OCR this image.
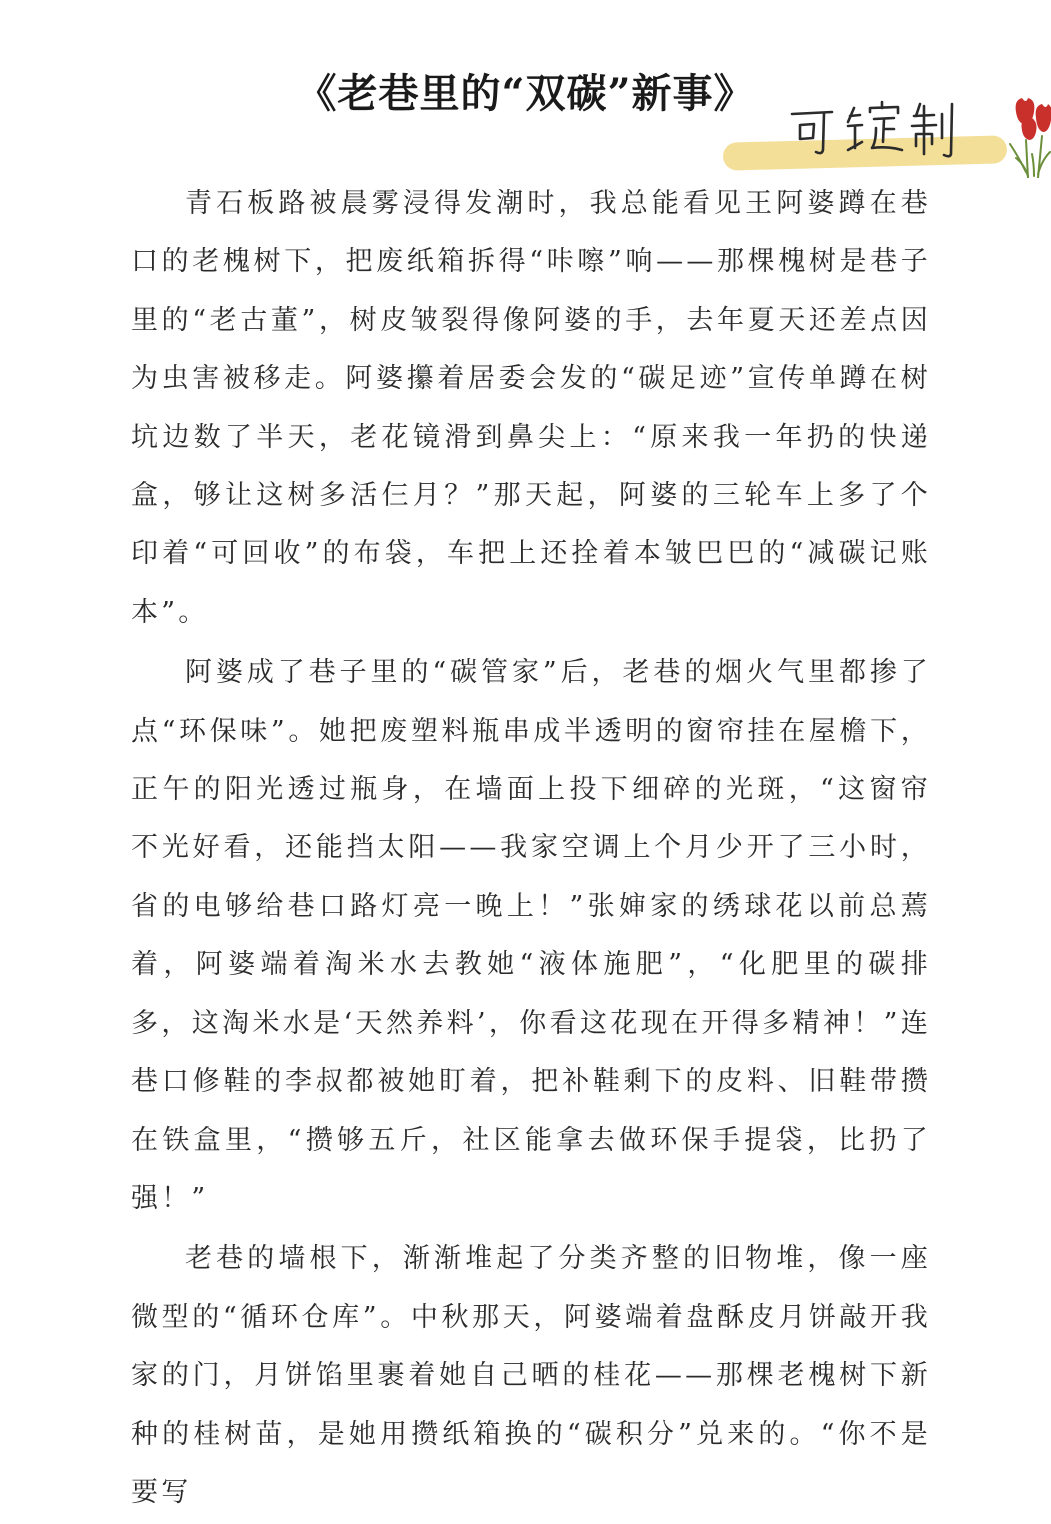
《老巷里的“双碳”新事》

青石板路被晨雾浸得发潮时，我总能看见王阿婆蹲在巷口的老槐树下，把废纸箱拆得“咔嚓”响——那棵槐树是巷子里的“老古董”，树皮皱裂得像阿婆的手，去年夏天还差点因为虫害被移走。阿婆攥着居委会发的“碳足迹”宣传单蹲在树坑边数了半天，老花镜滑到鼻尖上：“原来我一年扔的快递盒，够让这树多活仨月？”那天起，阿婆的三轮车上多了个印着“可回收”的布袋，车把上还拴着本皱巴巴的“减碳记账本”。

阿婆成了巷子里的“碳管家”后，老巷的烟火气里都掺了点“环保味”。她把废塑料瓶串成半透明的窗帘挂在屋檐下，正午的阳光透过瓶身，在墙面上投下细碎的光斑，“这窗帘不光好看，还能挡太阳——我家空调上个月少开了三小时，省的电够给巷口路灯亮一晚上！”张婶家的绣球花以前总蔫着，阿婆端着淘米水去教她“液体施肥”，“化肥里的碳排多，这淘米水是‘天然养料’，你看这花现在开得多精神！”连巷口修鞋的李叔都被她盯着，把补鞋剩下的皮料、旧鞋带攒在铁盒里，“攒够五斤，社区能拿去做环保手提袋，比扔了强！”

老巷的墙根下，渐渐堆起了分类齐整的旧物堆，像一座微型的“循环仓库”。中秋那天，阿婆端着盘酥皮月饼敲开我家的门，月饼馅里裹着她自己晒的桂花——那棵老槐树下新种的桂树苗，是她用攒纸箱换的“碳积分”兑来的。“你不是要写
